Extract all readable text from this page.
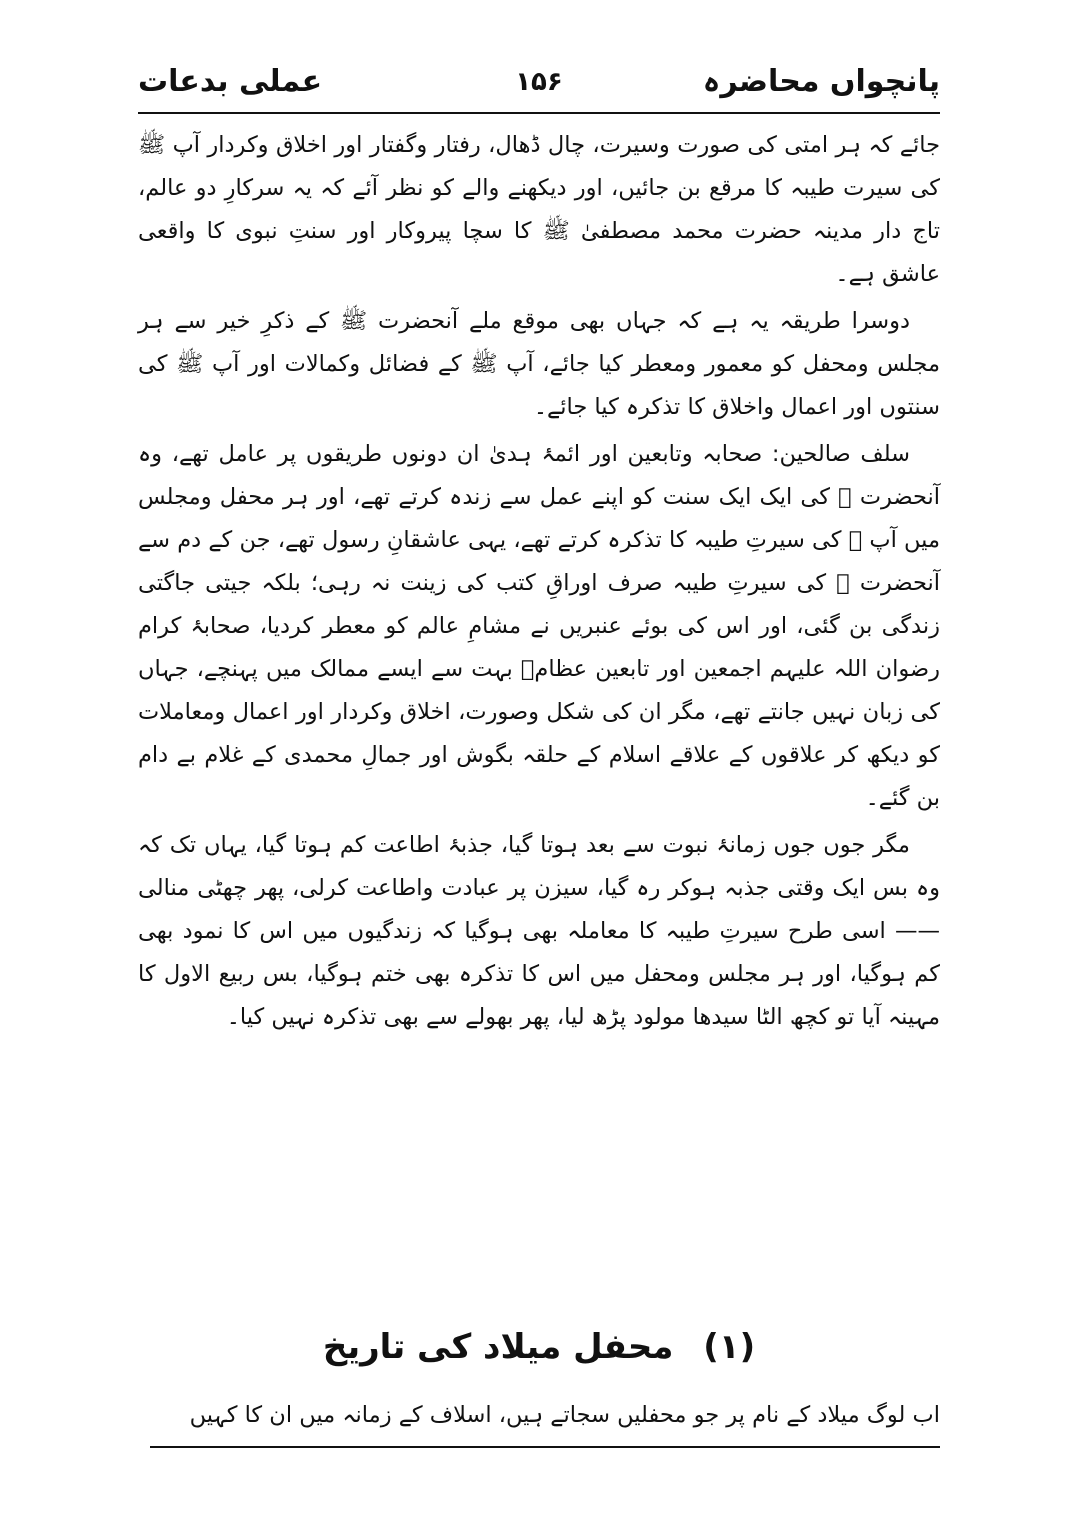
پانچواں محاضرہ
۱۵۶
عملی بدعات

جائے کہ ہر امتی کی صورت وسیرت، چال ڈھال، رفتار وگفتار اور اخلاق وکردار آپ ﷺ کی سیرت طیبہ کا مرقع بن جائیں، اور دیکھنے والے کو نظر آئے کہ یہ سرکارِ دو عالم، تاج دار مدینہ حضرت محمد مصطفیٰ ﷺ کا سچا پیروکار اور سنتِ نبوی کا واقعی عاشق ہے۔

دوسرا طریقہ یہ ہے کہ جہاں بھی موقع ملے آنحضرت ﷺ کے ذکرِ خیر سے ہر مجلس ومحفل کو معمور ومعطر کیا جائے، آپ ﷺ کے فضائل وکمالات اور آپ ﷺ کی سنتوں اور اعمال واخلاق کا تذکرہ کیا جائے۔

سلف صالحین: صحابہ وتابعین اور ائمۂ ہدیٰ ان دونوں طریقوں پر عامل تھے، وہ آنحضرت ﷺ کی ایک ایک سنت کو اپنے عمل سے زندہ کرتے تھے، اور ہر محفل ومجلس میں آپ ﷺ کی سیرتِ طیبہ کا تذکرہ کرتے تھے، یہی عاشقانِ رسول تھے، جن کے دم سے آنحضرت ﷺ کی سیرتِ طیبہ صرف اوراقِ کتب کی زینت نہ رہی؛ بلکہ جیتی جاگتی زندگی بن گئی، اور اس کی بوئے عنبریں نے مشامِ عالم کو معطر کردیا، صحابۂ کرام رضوان اللہ علیہم اجمعین اور تابعین عظامؒ بہت سے ایسے ممالک میں پہنچے، جہاں کی زبان نہیں جانتے تھے، مگر ان کی شکل وصورت، اخلاق وکردار اور اعمال ومعاملات کو دیکھ کر علاقوں کے علاقے اسلام کے حلقہ بگوش اور جمالِ محمدی کے غلام بے دام بن گئے۔

مگر جوں جوں زمانۂ نبوت سے بعد ہوتا گیا، جذبۂ اطاعت کم ہوتا گیا، یہاں تک کہ وہ بس ایک وقتی جذبہ ہوکر رہ گیا، سیزن پر عبادت واطاعت کرلی، پھر چھٹی منالی —— اسی طرح سیرتِ طیبہ کا معاملہ بھی ہوگیا کہ زندگیوں میں اس کا نمود بھی کم ہوگیا، اور ہر مجلس ومحفل میں اس کا تذکرہ بھی ختم ہوگیا، بس ربیع الاول کا مہینہ آیا تو کچھ الٹا سیدھا مولود پڑھ لیا، پھر بھولے سے بھی تذکرہ نہیں کیا۔

(۱) محفل میلاد کی تاریخ
اب لوگ میلاد کے نام پر جو محفلیں سجاتے ہیں، اسلاف کے زمانہ میں ان کا کہیں
